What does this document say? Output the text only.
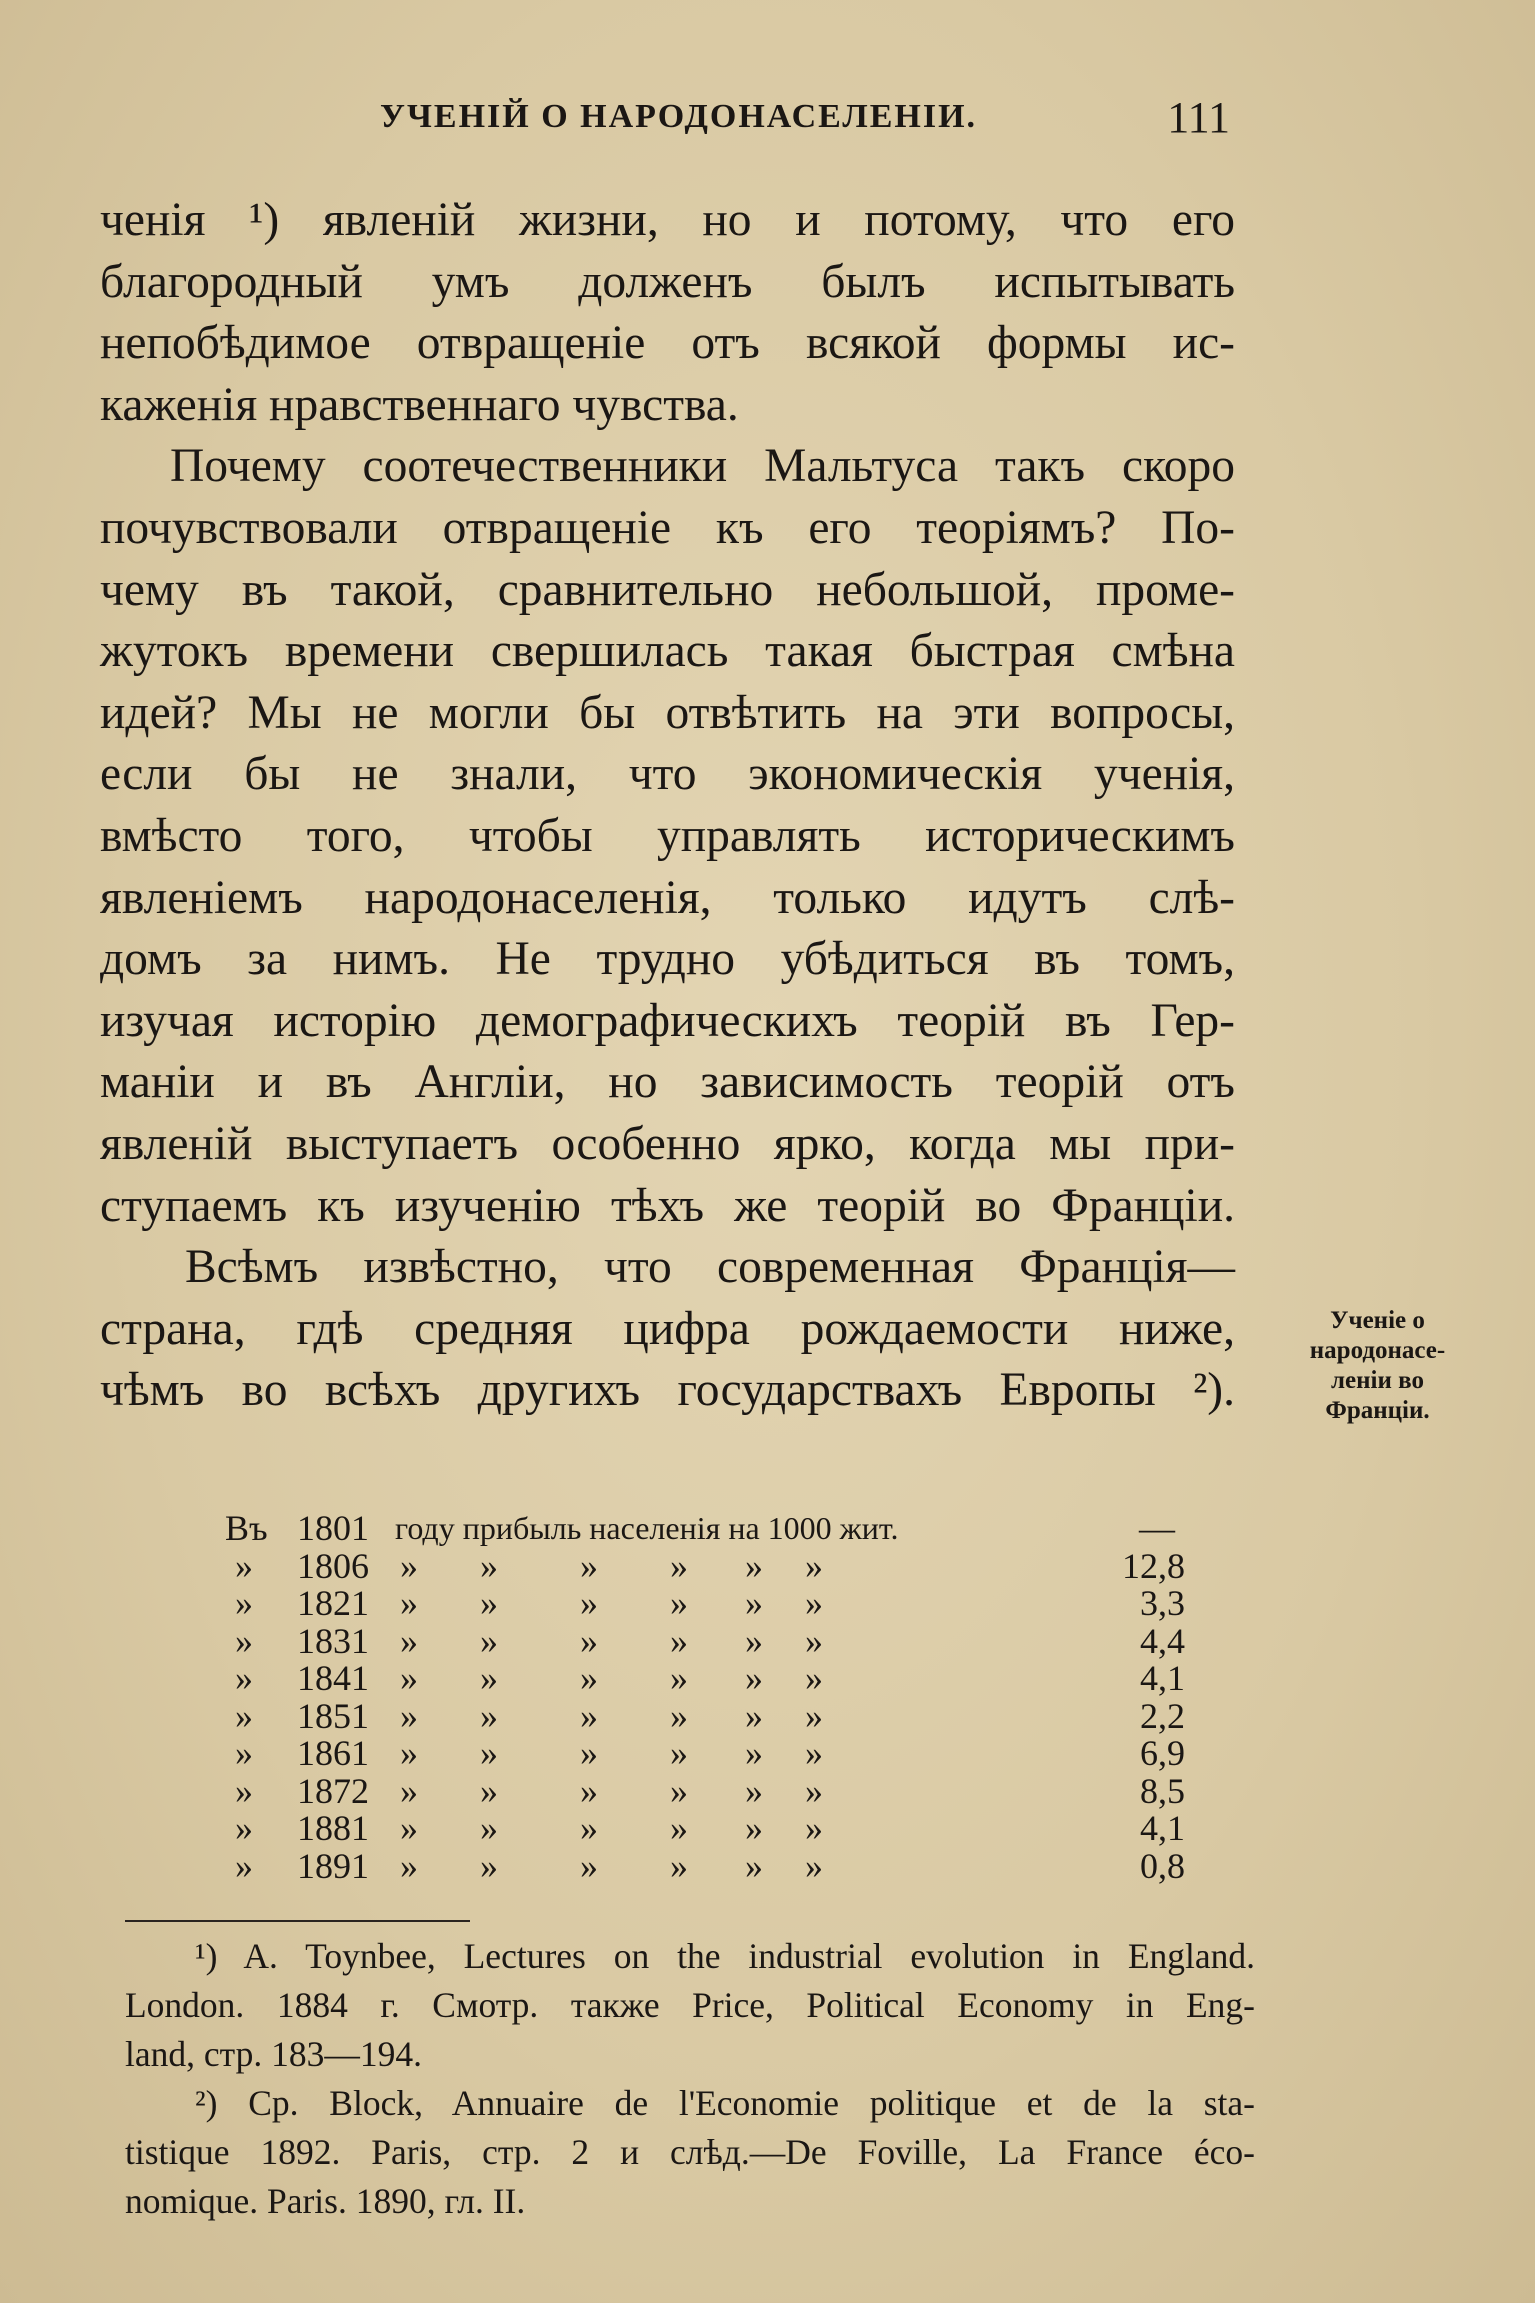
УЧЕНІЙ О НАРОДОНАСЕЛЕНІИ.	111
ченія ¹) явленій жизни, но и потому, что его
благородный умъ долженъ былъ испытывать
непобѣдимое отвращеніе отъ всякой формы ис-
каженія нравственнаго чувства.
Почему соотечественники Мальтуса такъ скоро
почувствовали отвращеніе къ его теоріямъ? По-
чему въ такой, сравнительно небольшой, проме-
жутокъ времени свершилась такая быстрая смѣна
идей? Мы не могли бы отвѣтить на эти вопросы,
если бы не знали, что экономическія ученія,
вмѣсто того, чтобы управлять историческимъ
явленіемъ народонаселенія, только идутъ слѣ-
домъ за нимъ. Не трудно убѣдиться въ томъ,
изучая исторію демографическихъ теорій въ Гер-
маніи и въ Англіи, но зависимость теорій отъ
явленій выступаетъ особенно ярко, когда мы при-
ступаемъ къ изученію тѣхъ же теорій во Франціи.
Всѣмъ извѣстно, что современная Франція—
страна, гдѣ средняя цифра рождаемости ниже,
чѣмъ во всѣхъ другихъ государствахъ Европы ²).
Ученіе о
народонасе-
леніи во
Франціи.
Въ 1801 году прибыль населенія на 1000 жит.	—
» 1806 » » » » » »	12,8
» 1821 » » » » » »	3,3
» 1831 » » » » » »	4,4
» 1841 » » » » » »	4,1
» 1851 » » » » » »	2,2
» 1861 » » » » » »	6,9
» 1872 » » » » » »	8,5
» 1881 » » » » » »	4,1
» 1891 » » » » » »	0,8
¹) A. Toynbee, Lectures on the industrial evolution in England.
London. 1884 г. Смотр. также Price, Political Economy in Eng-
land, стр. 183—194.
²) Ср. Block, Annuaire de l'Economie politique et de la sta-
tistique 1892. Paris, стр. 2 и слѣд.—De Foville, La France éco-
nomique. Paris. 1890, гл. II.
